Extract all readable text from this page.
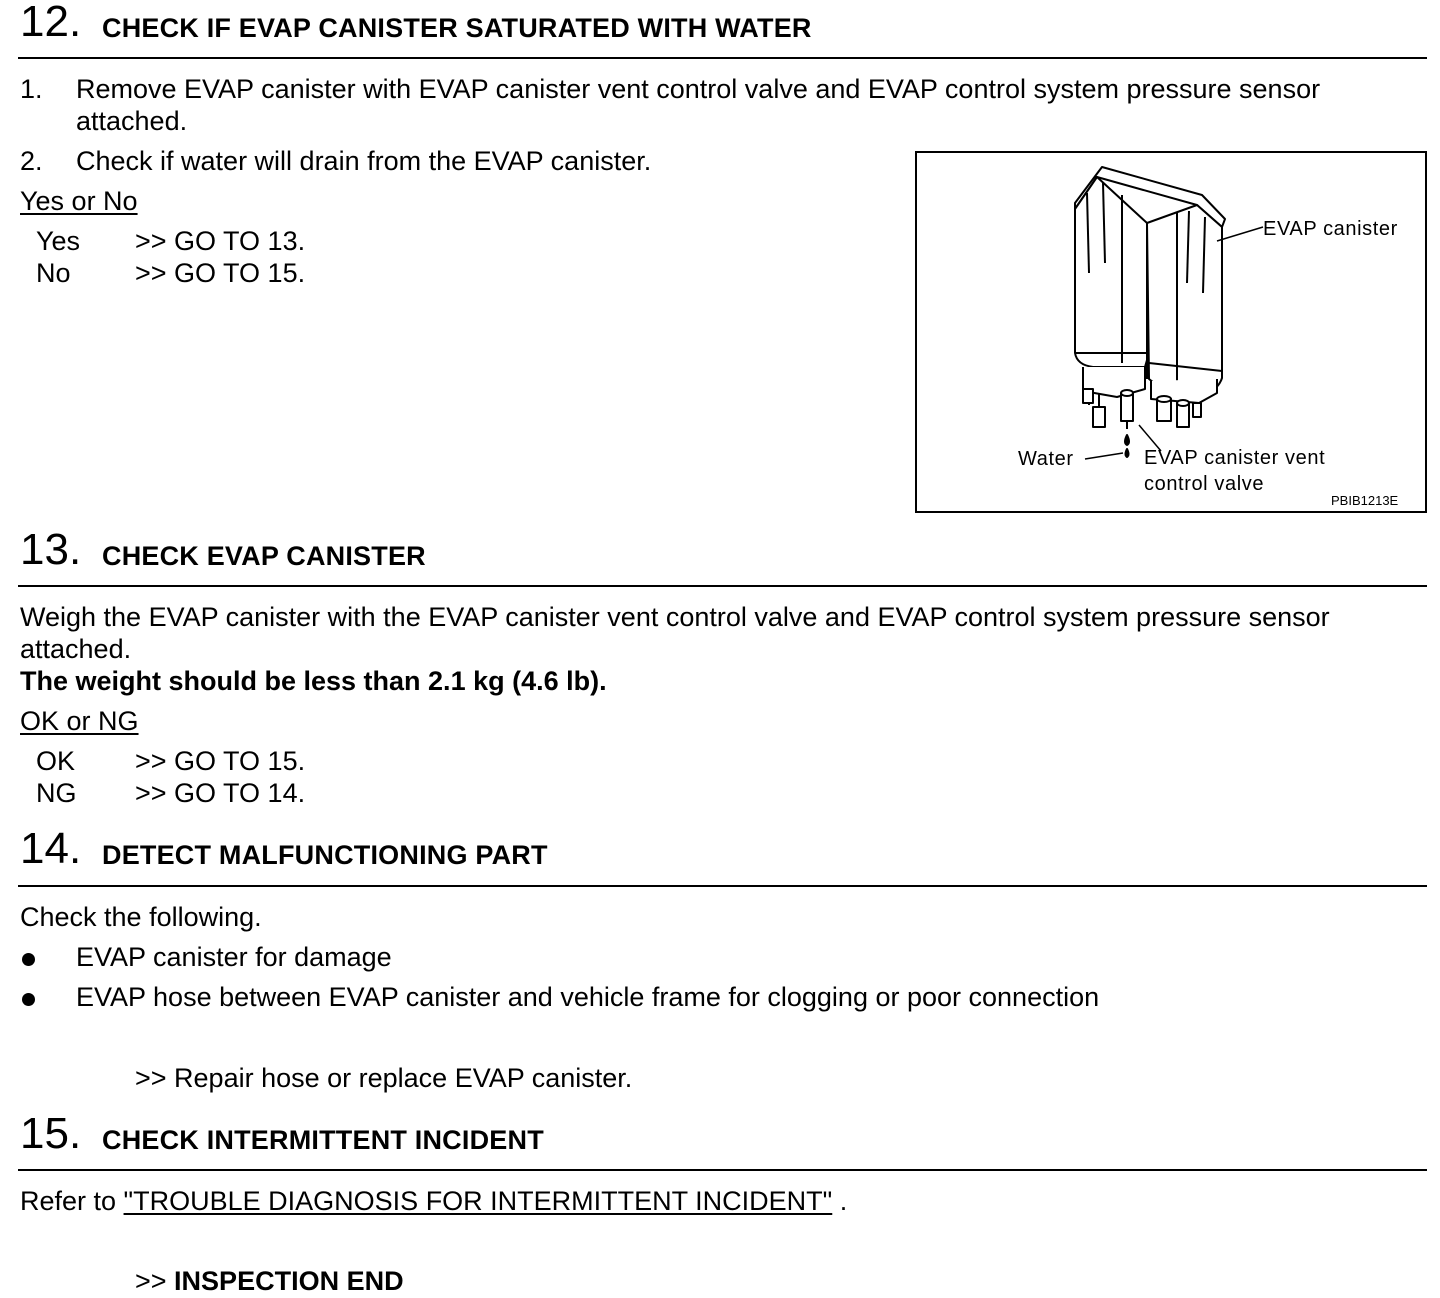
12. CHECK IF EVAP CANISTER SATURATED WITH WATER
1. Remove EVAP canister with EVAP canister vent control valve and EVAP control system pressure sensor
attached.
2. Check if water will drain from the EVAP canister.
Yes or No
Yes >> GO TO 13.
No >> GO TO 15.
EVAP canister
Water	EVAP canister vent
control valve
PBIB1213E
13. CHECK EVAP CANISTER
Weigh the EVAP canister with the EVAP canister vent control valve and EVAP control system pressure sensor
attached.
The weight should be less than 2.1 kg (4.6 lb).
OK or NG
OK >> GO TO 15.
NG >> GO TO 14.
14. DETECT MALFUNCTIONING PART
Check the following.
EVAP canister for damage
EVAP hose between EVAP canister and vehicle frame for clogging or poor connection
>> Repair hose or replace EVAP canister.
15. CHECK INTERMITTENT INCIDENT
Refer to "TROUBLE DIAGNOSIS FOR INTERMITTENT INCIDENT" .
>> INSPECTION END
